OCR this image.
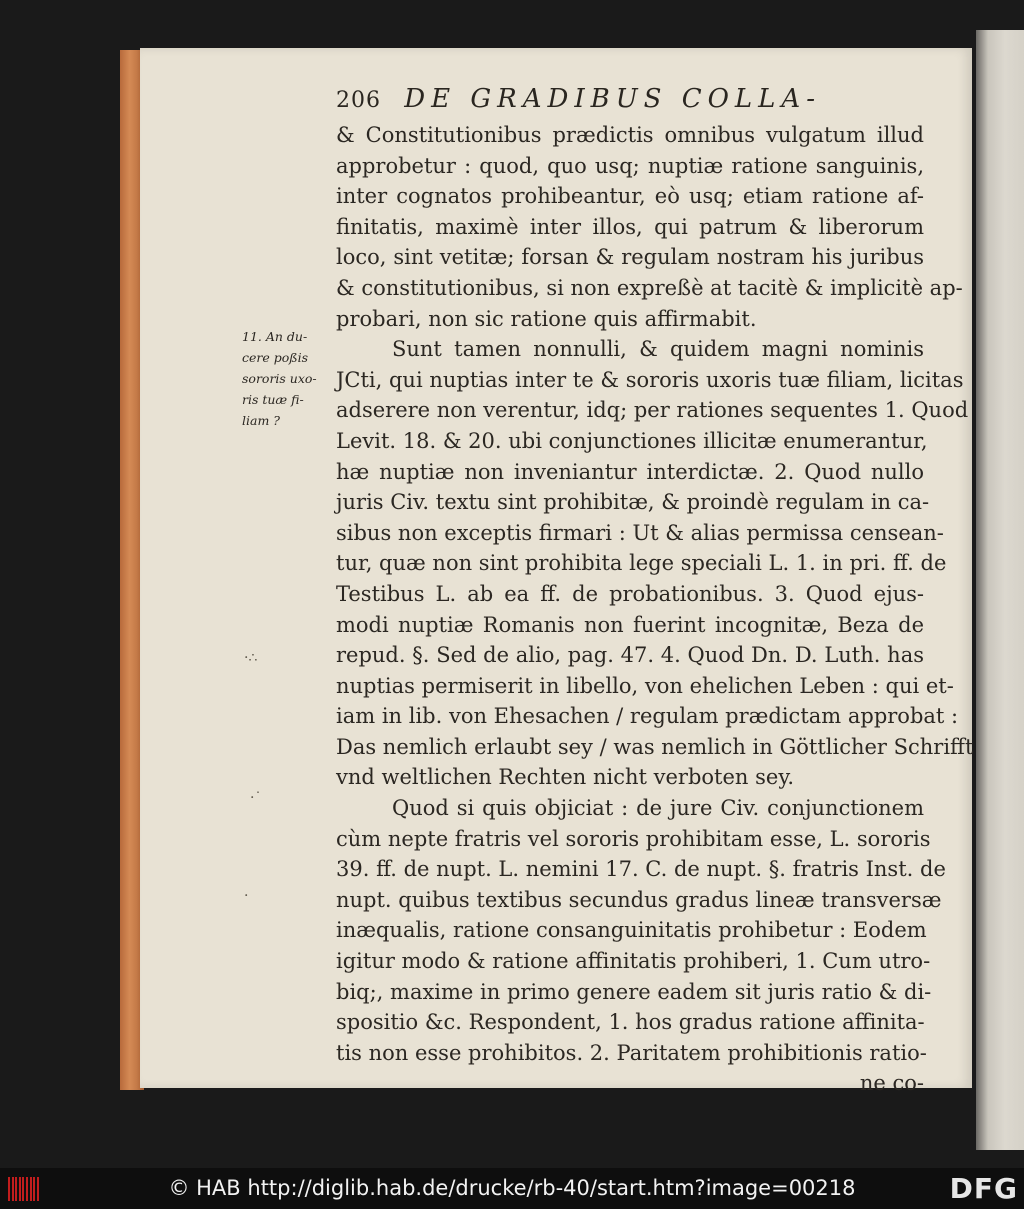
206 DE GRADIBUS COLLA-
& Constitutionibus prædictis omnibus vulgatum illud
approbetur : quod, quo usq; nuptiæ ratione sanguinis,
inter cognatos prohibeantur, eò usq; etiam ratione af-
finitatis, maximè inter illos, qui patrum & liberorum
loco, sint vetitæ; forsan & regulam nostram his juribus
& constitutionibus, si non expreßè at tacitè & implicitè ap-
probari, non sic ratione quis affirmabit.
Sunt tamen nonnulli, & quidem magni nominis
JCti, qui nuptias inter te & sororis uxoris tuæ filiam, licitas
adserere non verentur, idq; per rationes sequentes 1. Quod
Levit. 18. & 20. ubi conjunctiones illicitæ enumerantur,
hæ nuptiæ non inveniantur interdictæ. 2. Quod nullo
juris Civ. textu sint prohibitæ, & proindè regulam in ca-
sibus non exceptis firmari : Ut & alias permissa censean-
tur, quæ non sint prohibita lege speciali L. 1. in pri. ff. de
Testibus L. ab ea ff. de probationibus. 3. Quod ejus-
modi nuptiæ Romanis non fuerint incognitæ, Beza de
repud. §. Sed de alio, pag. 47. 4. Quod Dn. D. Luth. has
nuptias permiserit in libello, von ehelichen Leben : qui et-
iam in lib. von Ehesachen / regulam prædictam approbat :
Das nemlich erlaubt sey / was nemlich in Göttlicher Schrifft
vnd weltlichen Rechten nicht verboten sey.
Quod si quis objiciat : de jure Civ. conjunctionem
cùm nepte fratris vel sororis prohibitam esse, L. sororis
39. ff. de nupt. L. nemini 17. C. de nupt. §. fratris Inst. de
nupt. quibus textibus secundus gradus lineæ transversæ
inæqualis, ratione consanguinitatis prohibetur : Eodem
igitur modo & ratione affinitatis prohiberi, 1. Cum utro-
biq;, maxime in primo genere eadem sit juris ratio & di-
spositio &c. Respondent, 1. hos gradus ratione affinita-
tis non esse prohibitos. 2. Paritatem prohibitionis ratio-
ne co-
11. An du-
cere poßis
sororis uxo-
ris tuæ fi-
liam ?
·∴
·˙
·
© HAB http://diglib.hab.de/drucke/rb-40/start.htm?image=00218	DFG
